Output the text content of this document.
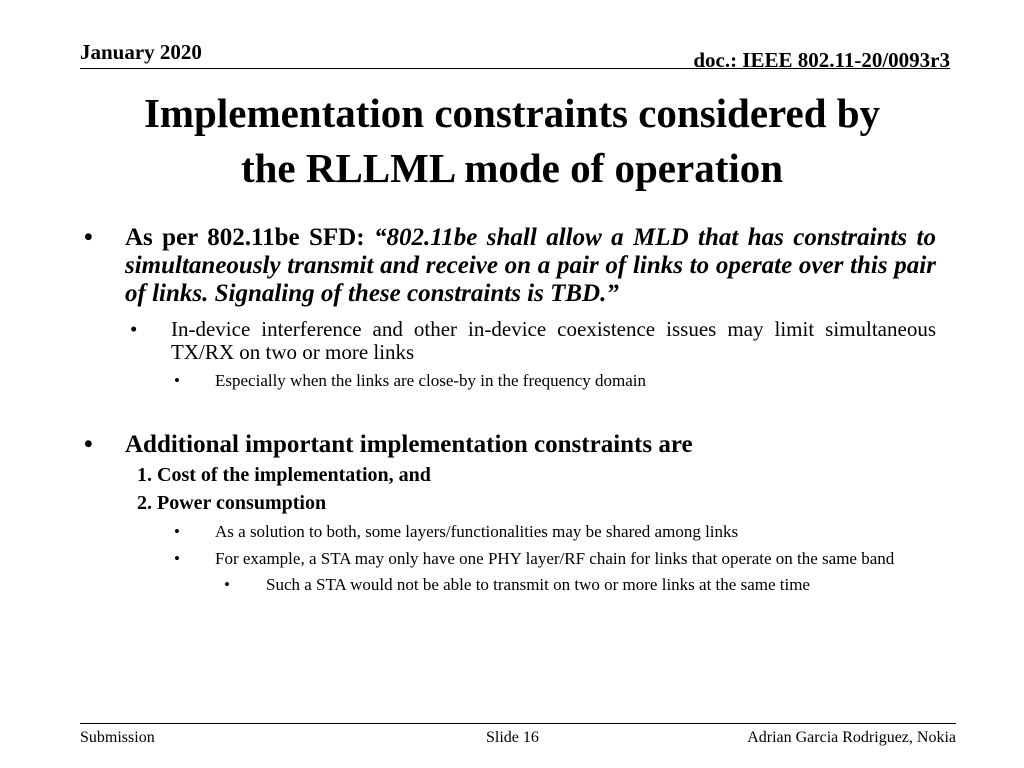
January 2020	doc.: IEEE 802.11-20/0093r3
Implementation constraints considered by
the RLLML mode of operation
• As per 802.11be SFD: “802.11be shall allow a MLD that has constraints to simultaneously transmit and receive on a pair of links to operate over this pair of links. Signaling of these constraints is TBD.”
• In-device interference and other in-device coexistence issues may limit simultaneous TX/RX on two or more links
• Especially when the links are close-by in the frequency domain
• Additional important implementation constraints are
1. Cost of the implementation, and
2. Power consumption
• As a solution to both, some layers/functionalities may be shared among links
• For example, a STA may only have one PHY layer/RF chain for links that operate on the same band
• Such a STA would not be able to transmit on two or more links at the same time
Submission	Slide 16	Adrian Garcia Rodriguez, Nokia
